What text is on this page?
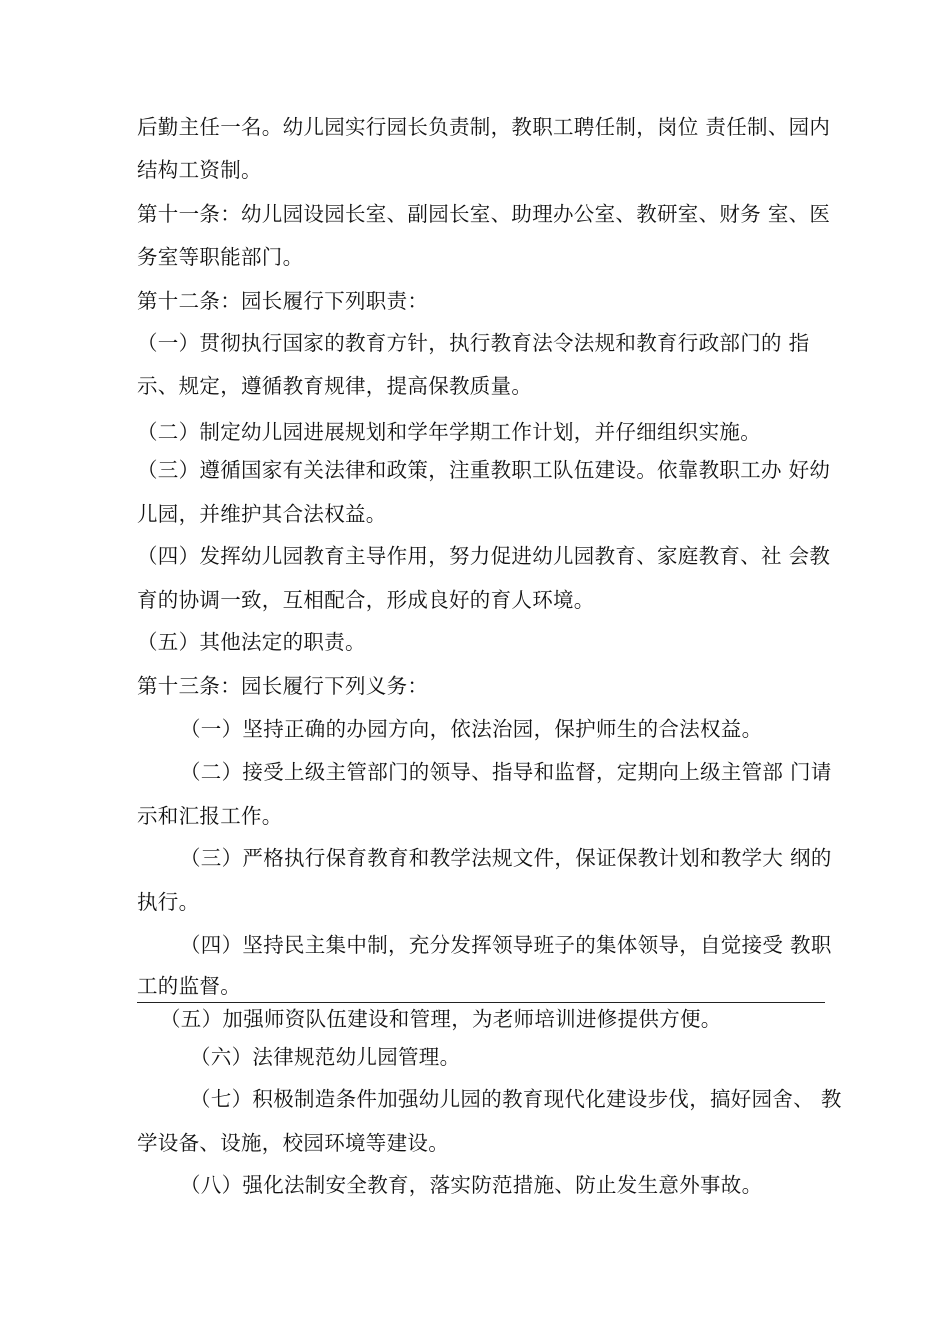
后勤主任一名。幼儿园实行园长负责制，教职工聘任制，岗位 责任制、园内
结构工资制。
第十一条：幼儿园设园长室、副园长室、助理办公室、教研室、财务 室、医
务室等职能部门。
第十二条：园长履行下列职责：
（一）贯彻执行国家的教育方针，执行教育法令法规和教育行政部门的 指
示、规定，遵循教育规律，提高保教质量。
（二）制定幼儿园进展规划和学年学期工作计划，并仔细组织实施。
（三）遵循国家有关法律和政策，注重教职工队伍建设。依靠教职工办 好幼
儿园，并维护其合法权益。
（四）发挥幼儿园教育主导作用，努力促进幼儿园教育、家庭教育、社 会教
育的协调一致，互相配合，形成良好的育人环境。
（五）其他法定的职责。
第十三条：园长履行下列义务：
（一）坚持正确的办园方向，依法治园，保护师生的合法权益。
（二）接受上级主管部门的领导、指导和监督，定期向上级主管部 门请
示和汇报工作。
（三）严格执行保育教育和教学法规文件，保证保教计划和教学大 纲的
执行。
（四）坚持民主集中制，充分发挥领导班子的集体领导，自觉接受 教职
工的监督。
（五）加强师资队伍建设和管理，为老师培训进修提供方便。
（六）法律规范幼儿园管理。
（七）积极制造条件加强幼儿园的教育现代化建设步伐，搞好园舍、 教
学设备、设施，校园环境等建设。
（八）强化法制安全教育，落实防范措施、防止发生意外事故。
